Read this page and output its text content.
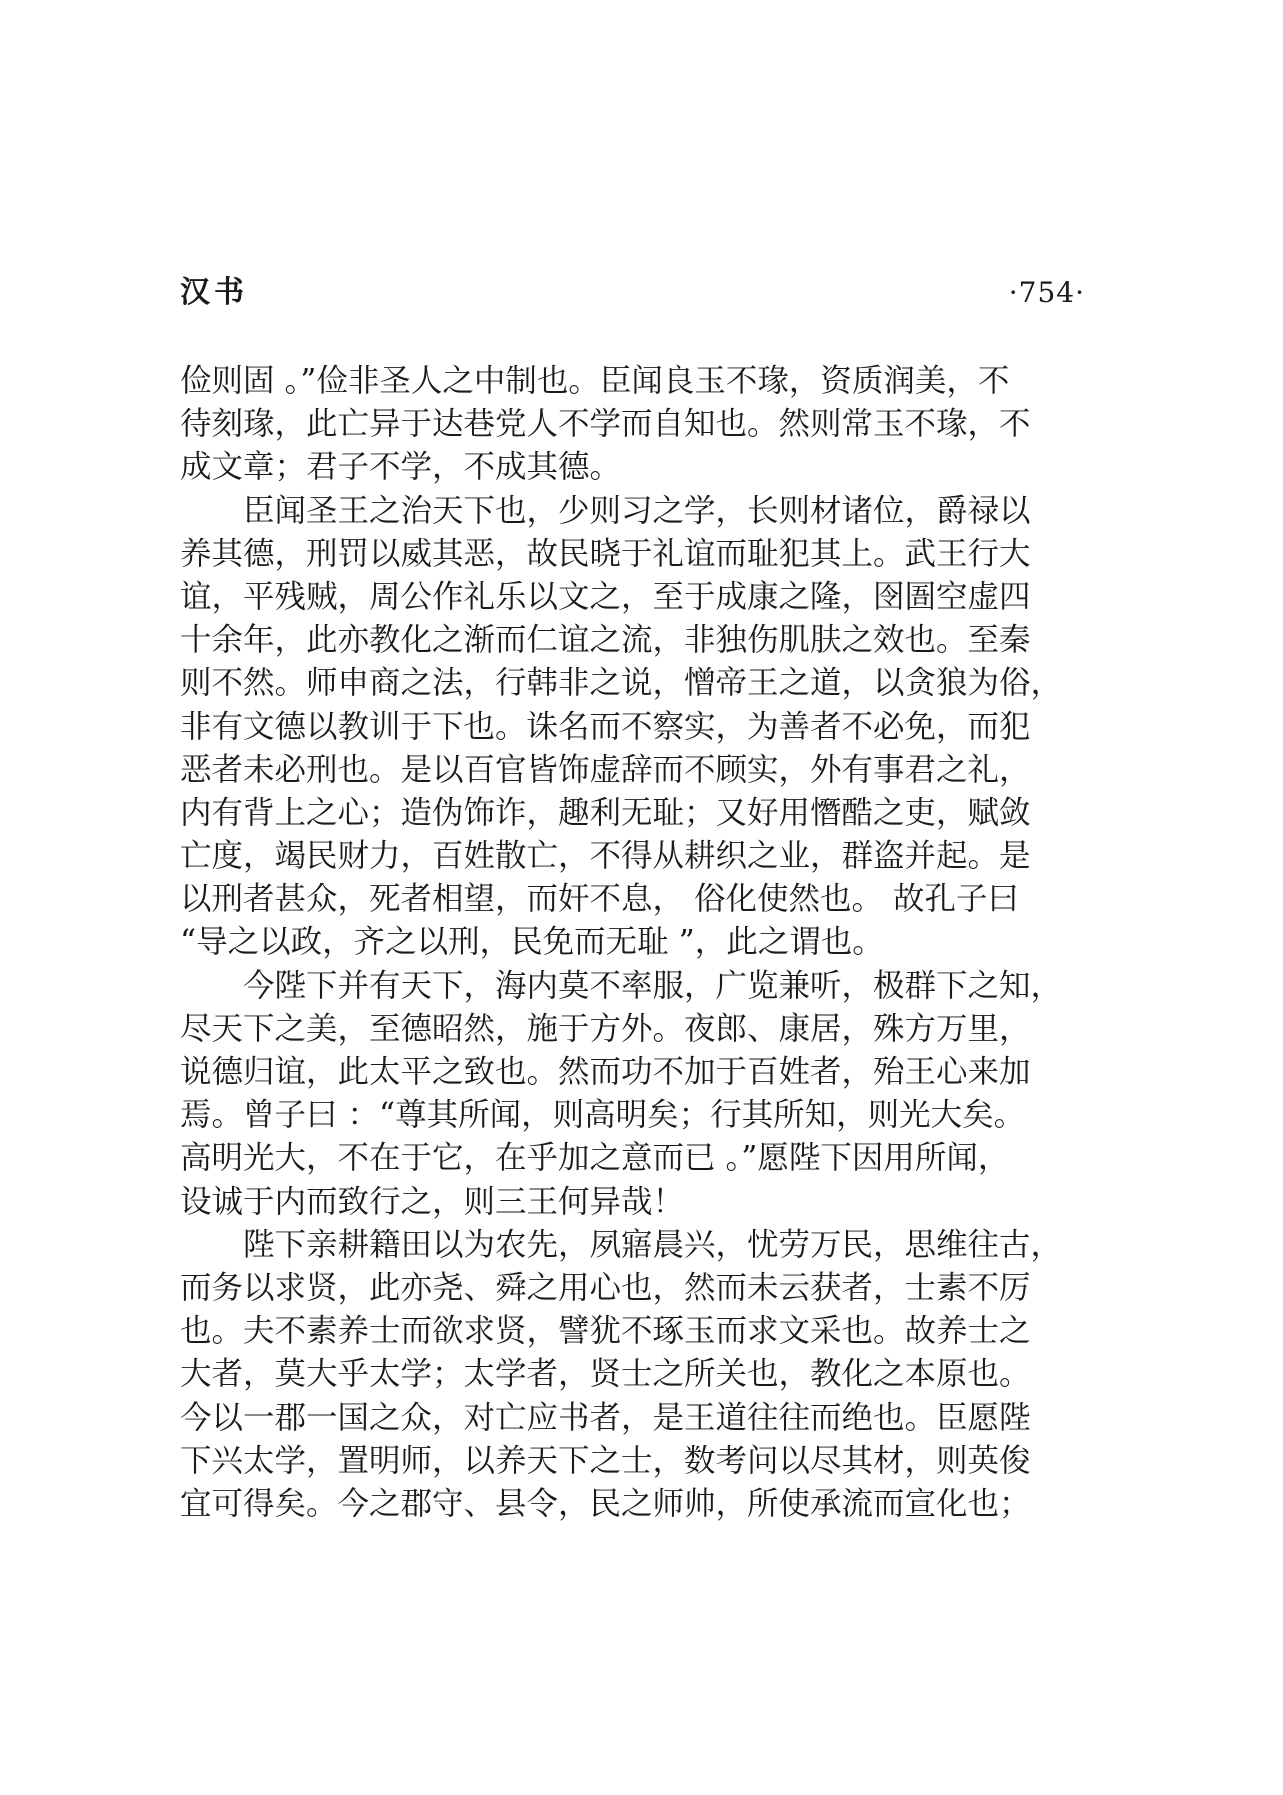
汉书	·754·
俭则固 。”俭非圣人之中制也。臣闻良玉不瑑，资质润美，不
待刻瑑，此亡异于达巷党人不学而自知也。然则常玉不瑑，不
成文章；君子不学，不成其德。
　　臣闻圣王之治天下也，少则习之学，长则材诸位，爵禄以
养其德，刑罚以威其恶，故民晓于礼谊而耻犯其上。武王行大
谊，平残贼，周公作礼乐以文之，至于成康之隆，囹圄空虚四
十余年，此亦教化之渐而仁谊之流，非独伤肌肤之效也。至秦
则不然。师申商之法，行韩非之说，憎帝王之道，以贪狼为俗，
非有文德以教训于下也。诛名而不察实，为善者不必免，而犯
恶者未必刑也。是以百官皆饰虚辞而不顾实，外有事君之礼，
内有背上之心；造伪饰诈，趣利无耻；又好用憯酷之吏，赋敛
亡度，竭民财力，百姓散亡，不得从耕织之业，群盗并起。是
以刑者甚众，死者相望，而奸不息， 俗化使然也。 故孔子曰
“导之以政，齐之以刑，民免而无耻 ”，此之谓也。
　　今陛下并有天下，海内莫不率服，广览兼听，极群下之知，
尽天下之美，至德昭然，施于方外。夜郎、康居，殊方万里，
说德归谊，此太平之致也。然而功不加于百姓者，殆王心来加
焉。曾子曰 ：“尊其所闻，则高明矣；行其所知，则光大矣。
高明光大，不在于它，在乎加之意而已 。”愿陛下因用所闻，
设诚于内而致行之，则三王何异哉！
　　陛下亲耕籍田以为农先，夙寤晨兴，忧劳万民，思维往古，
而务以求贤，此亦尧、舜之用心也，然而未云获者，士素不厉
也。夫不素养士而欲求贤，譬犹不琢玉而求文采也。故养士之
大者，莫大乎太学；太学者，贤士之所关也，教化之本原也。
今以一郡一国之众，对亡应书者，是王道往往而绝也。臣愿陛
下兴太学，置明师，以养天下之士，数考问以尽其材，则英俊
宜可得矣。今之郡守、县令，民之师帅，所使承流而宣化也；
